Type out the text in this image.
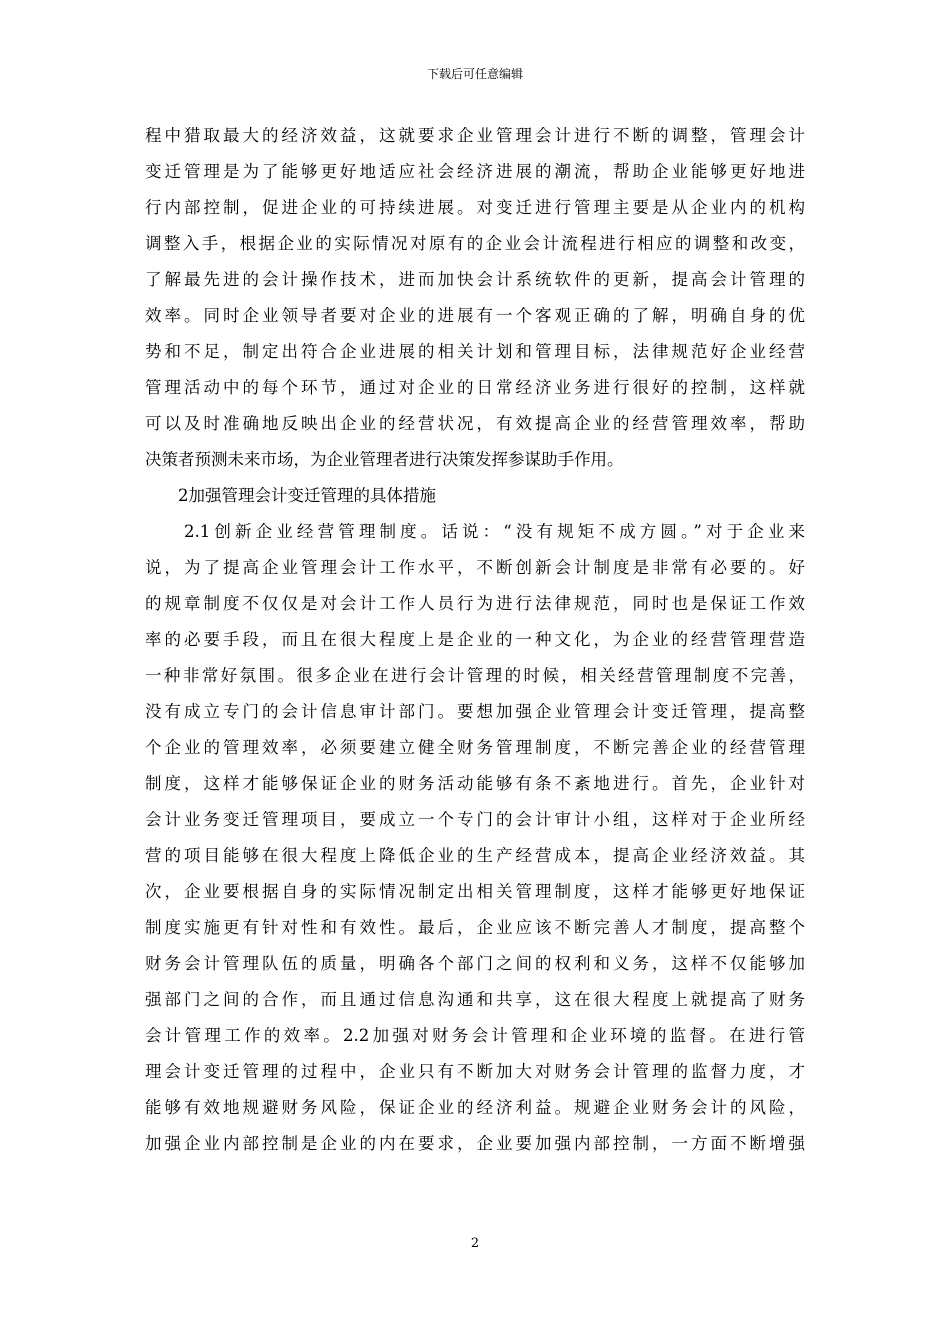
下载后可任意编辑
程中猎取最大的经济效益，这就要求企业管理会计进行不断的调整，管理会计
变迁管理是为了能够更好地适应社会经济进展的潮流，帮助企业能够更好地进
行内部控制，促进企业的可持续进展。对变迁进行管理主要是从企业内的机构
调整入手，根据企业的实际情况对原有的企业会计流程进行相应的调整和改变，
了解最先进的会计操作技术，进而加快会计系统软件的更新，提高会计管理的
效率。同时企业领导者要对企业的进展有一个客观正确的了解，明确自身的优
势和不足，制定出符合企业进展的相关计划和管理目标，法律规范好企业经营
管理活动中的每个环节，通过对企业的日常经济业务进行很好的控制，这样就
可以及时准确地反映出企业的经营状况，有效提高企业的经营管理效率，帮助
决策者预测未来市场，为企业管理者进行决策发挥参谋助手作用。
2加强管理会计变迁管理的具体措施
2.1创新企业经营管理制度。话说：“没有规矩不成方圆。”对于企业来
说，为了提高企业管理会计工作水平，不断创新会计制度是非常有必要的。好
的规章制度不仅仅是对会计工作人员行为进行法律规范，同时也是保证工作效
率的必要手段，而且在很大程度上是企业的一种文化，为企业的经营管理营造
一种非常好氛围。很多企业在进行会计管理的时候，相关经营管理制度不完善，
没有成立专门的会计信息审计部门。要想加强企业管理会计变迁管理，提高整
个企业的管理效率，必须要建立健全财务管理制度，不断完善企业的经营管理
制度，这样才能够保证企业的财务活动能够有条不紊地进行。首先，企业针对
会计业务变迁管理项目，要成立一个专门的会计审计小组，这样对于企业所经
营的项目能够在很大程度上降低企业的生产经营成本，提高企业经济效益。其
次，企业要根据自身的实际情况制定出相关管理制度，这样才能够更好地保证
制度实施更有针对性和有效性。最后，企业应该不断完善人才制度，提高整个
财务会计管理队伍的质量，明确各个部门之间的权利和义务，这样不仅能够加
强部门之间的合作，而且通过信息沟通和共享，这在很大程度上就提高了财务
会计管理工作的效率。2.2加强对财务会计管理和企业环境的监督。在进行管
理会计变迁管理的过程中，企业只有不断加大对财务会计管理的监督力度，才
能够有效地规避财务风险，保证企业的经济利益。规避企业财务会计的风险，
加强企业内部控制是企业的内在要求，企业要加强内部控制，一方面不断增强
2
